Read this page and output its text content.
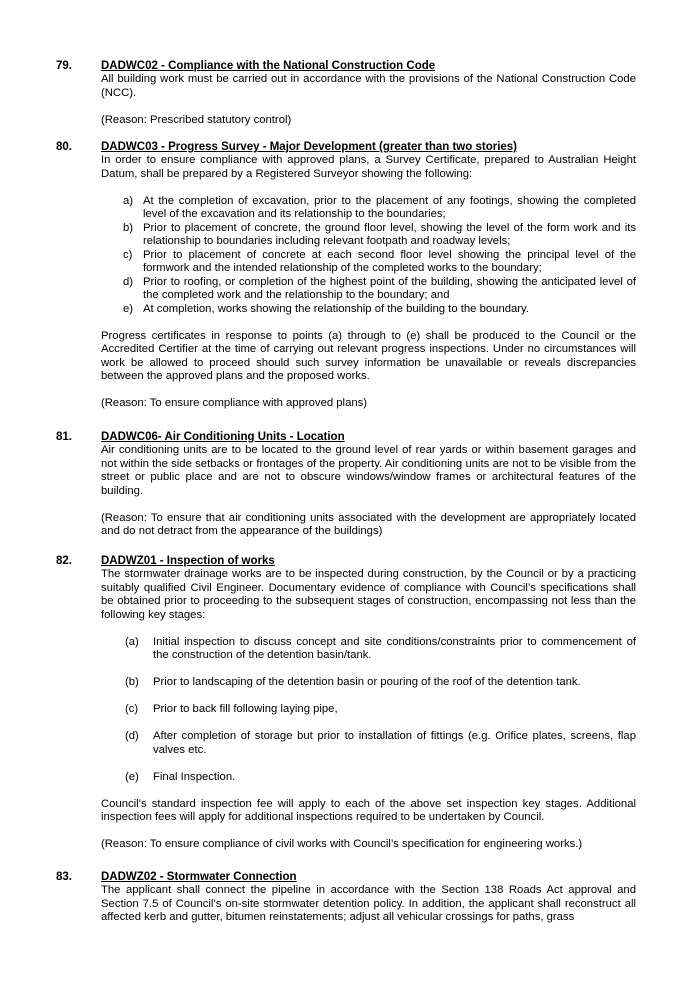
79.	DADWC02 - Compliance with the National Construction Code

All building work must be carried out in accordance with the provisions of the National Construction Code (NCC).

(Reason: Prescribed statutory control)

80.	DADWC03 - Progress Survey - Major Development (greater than two stories)

In order to ensure compliance with approved plans, a Survey Certificate, prepared to Australian Height Datum, shall be prepared by a Registered Surveyor showing the following:

a) At the completion of excavation, prior to the placement of any footings, showing the completed level of the excavation and its relationship to the boundaries;
b) Prior to placement of concrete, the ground floor level, showing the level of the form work and its relationship to boundaries including relevant footpath and roadway levels;
c) Prior to placement of concrete at each second floor level showing the principal level of the formwork and the intended relationship of the completed works to the boundary;
d) Prior to roofing, or completion of the highest point of the building, showing the anticipated level of the completed work and the relationship to the boundary; and
e) At completion, works showing the relationship of the building to the boundary.

Progress certificates in response to points (a) through to (e) shall be produced to the Council or the Accredited Certifier at the time of carrying out relevant progress inspections. Under no circumstances will work be allowed to proceed should such survey information be unavailable or reveals discrepancies between the approved plans and the proposed works.

(Reason: To ensure compliance with approved plans)

81.	DADWC06- Air Conditioning Units - Location

Air conditioning units are to be located to the ground level of rear yards or within basement garages and not within the side setbacks or frontages of the property. Air conditioning units are not to be visible from the street or public place and are not to obscure windows/window frames or architectural features of the building.

(Reason: To ensure that air conditioning units associated with the development are appropriately located and do not detract from the appearance of the buildings)

82.	DADWZ01 - Inspection of works

The stormwater drainage works are to be inspected during construction, by the Council or by a practicing suitably qualified Civil Engineer. Documentary evidence of compliance with Council’s specifications shall be obtained prior to proceeding to the subsequent stages of construction, encompassing not less than the following key stages:

(a) Initial inspection to discuss concept and site conditions/constraints prior to commencement of the construction of the detention basin/tank.
(b) Prior to landscaping of the detention basin or pouring of the roof of the detention tank.
(c) Prior to back fill following laying pipe,
(d) After completion of storage but prior to installation of fittings (e.g. Orifice plates, screens, flap valves etc.
(e) Final Inspection.

Council’s standard inspection fee will apply to each of the above set inspection key stages. Additional inspection fees will apply for additional inspections required to be undertaken by Council.

(Reason: To ensure compliance of civil works with Council’s specification for engineering works.)

83.	DADWZ02 - Stormwater Connection

The applicant shall connect the pipeline in accordance with the Section 138 Roads Act approval and Section 7.5 of Council’s on-site stormwater detention policy. In addition, the applicant shall reconstruct all affected kerb and gutter, bitumen reinstatements; adjust all vehicular crossings for paths, grass
